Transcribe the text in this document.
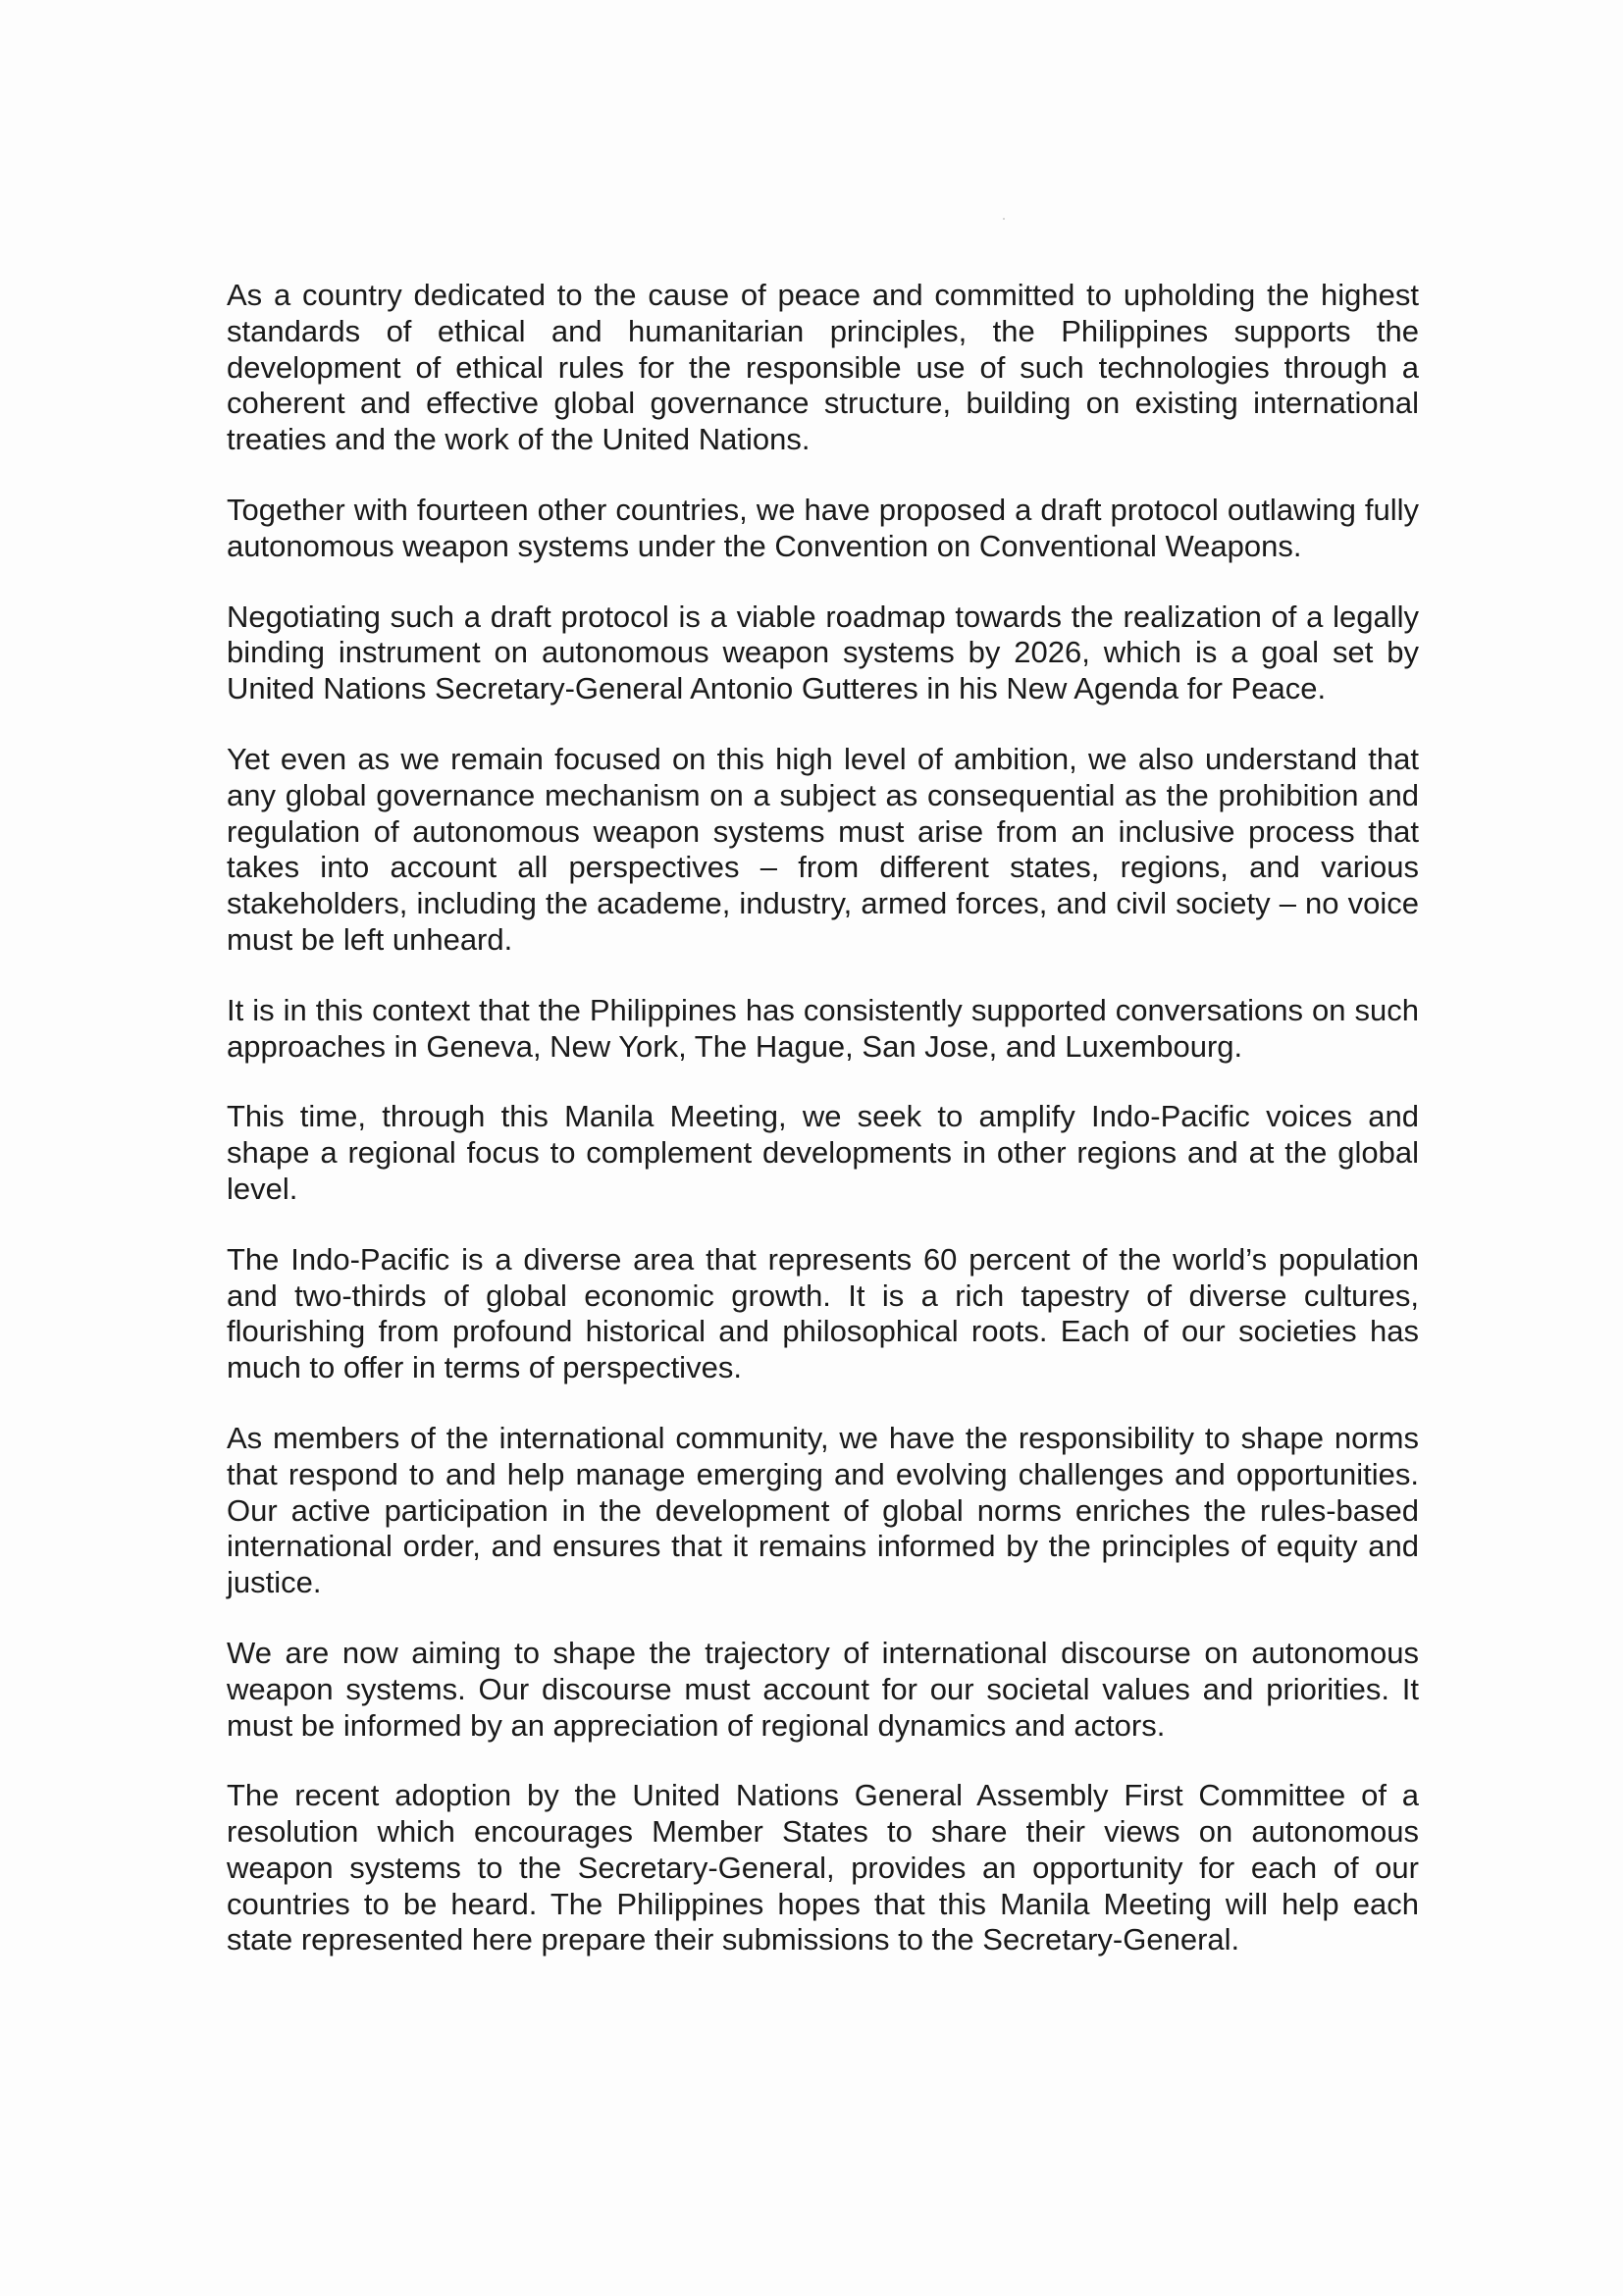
As a country dedicated to the cause of peace and committed to upholding the highest standards of ethical and humanitarian principles, the Philippines supports the development of ethical rules for the responsible use of such technologies through a coherent and effective global governance structure, building on existing international treaties and the work of the United Nations.

Together with fourteen other countries, we have proposed a draft protocol outlawing fully autonomous weapon systems under the Convention on Conventional Weapons.

Negotiating such a draft protocol is a viable roadmap towards the realization of a legally binding instrument on autonomous weapon systems by 2026, which is a goal set by United Nations Secretary-General Antonio Gutteres in his New Agenda for Peace.

Yet even as we remain focused on this high level of ambition, we also understand that any global governance mechanism on a subject as consequential as the prohibition and regulation of autonomous weapon systems must arise from an inclusive process that takes into account all perspectives – from different states, regions, and various stakeholders, including the academe, industry, armed forces, and civil society – no voice must be left unheard.

It is in this context that the Philippines has consistently supported conversations on such approaches in Geneva, New York, The Hague, San Jose, and Luxembourg.

This time, through this Manila Meeting, we seek to amplify Indo-Pacific voices and shape a regional focus to complement developments in other regions and at the global level.

The Indo-Pacific is a diverse area that represents 60 percent of the world’s population and two-thirds of global economic growth. It is a rich tapestry of diverse cultures, flourishing from profound historical and philosophical roots. Each of our societies has much to offer in terms of perspectives.

As members of the international community, we have the responsibility to shape norms that respond to and help manage emerging and evolving challenges and opportunities. Our active participation in the development of global norms enriches the rules-based international order, and ensures that it remains informed by the principles of equity and justice.

We are now aiming to shape the trajectory of international discourse on autonomous weapon systems. Our discourse must account for our societal values and priorities. It must be informed by an appreciation of regional dynamics and actors.

The recent adoption by the United Nations General Assembly First Committee of a resolution which encourages Member States to share their views on autonomous weapon systems to the Secretary-General, provides an opportunity for each of our countries to be heard. The Philippines hopes that this Manila Meeting will help each state represented here prepare their submissions to the Secretary-General.
